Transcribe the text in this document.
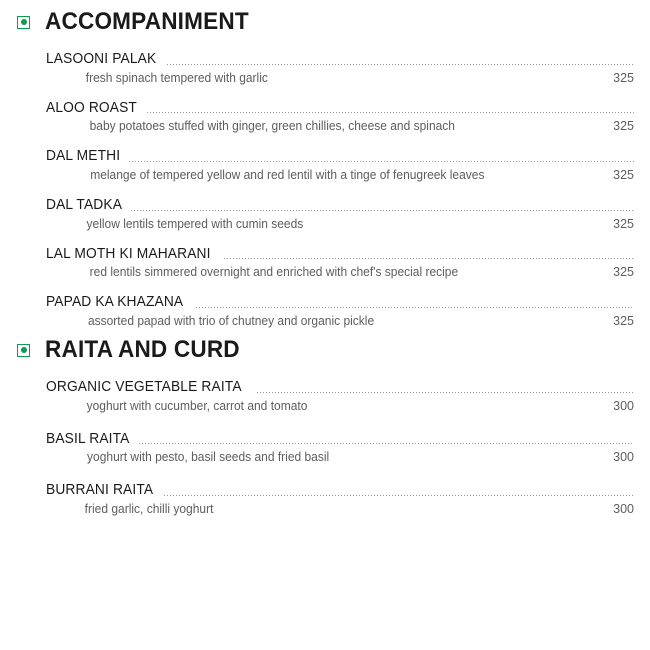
ACCOMPANIMENT
LASOONI PALAK
fresh spinach tempered with garlic	325
ALOO ROAST
baby potatoes stuffed with ginger, green chillies, cheese and spinach	325
DAL METHI
melange of tempered yellow and red lentil with a tinge of fenugreek leaves	325
DAL TADKA
yellow lentils tempered with cumin seeds	325
LAL MOTH KI MAHARANI
red lentils simmered overnight and enriched with chef's special recipe	325
PAPAD KA KHAZANA
assorted papad with trio of chutney and organic pickle	325
RAITA AND CURD
ORGANIC VEGETABLE RAITA
yoghurt with cucumber, carrot and tomato	300
BASIL RAITA
yoghurt with pesto, basil seeds and fried basil	300
BURRANI RAITA
fried garlic, chilli yoghurt	300
